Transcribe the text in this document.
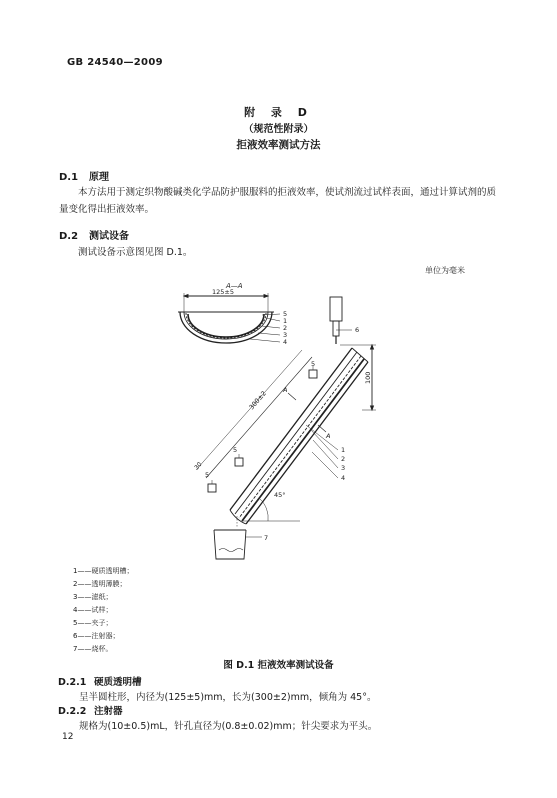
GB 24540—2009
附 录 D
（规范性附录）
拒液效率测试方法
D.1 原理

本方法用于测定织物酸碱类化学品防护服服料的拒液效率，使试剂流过试样表面，通过计算试剂的质量变化得出拒液效率。

D.2 测试设备

测试设备示意图见图 D.1。

单位为毫米
A—A
125±5
5
1
2
3
4
6
100
5
5
5
300±2
30
A
A
1
2
3
4
45°
7
1——硬质透明槽；
2——透明薄膜；
3——滤纸；
4——试样；
5——夹子；
6——注射器；
7——烧杯。
图 D.1 拒液效率测试设备
D.2.1 硬质透明槽
呈半圆柱形，内径为(125±5)mm，长为(300±2)mm，倾角为 45°。
D.2.2 注射器
规格为(10±0.5)mL，针孔直径为(0.8±0.02)mm；针尖要求为平头。
12
